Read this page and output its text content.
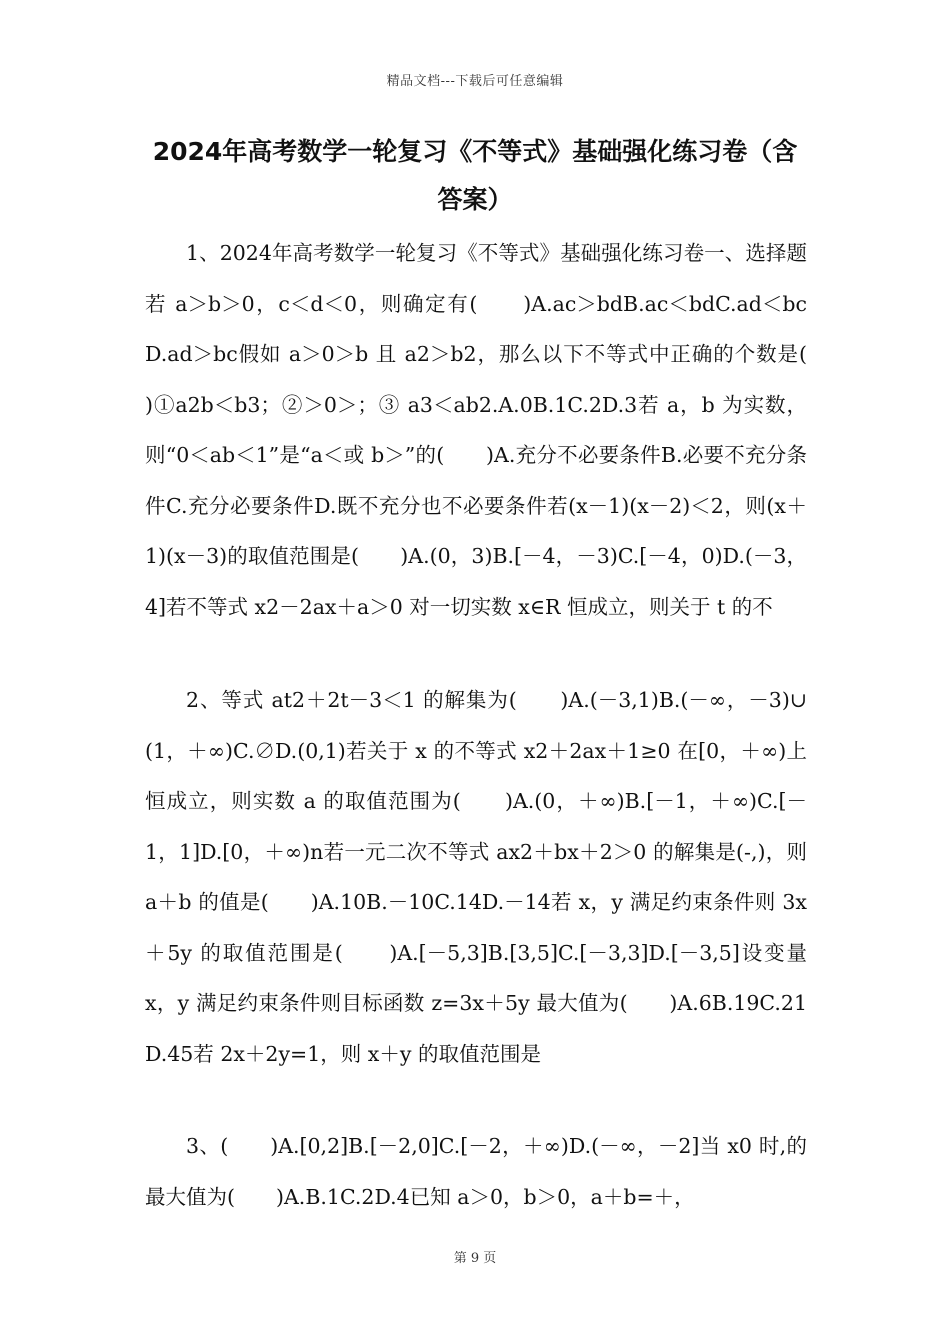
精品文档---下载后可任意编辑
2024年高考数学一轮复习《不等式》基础强化练习卷（含答案）

1、2024年高考数学一轮复习《不等式》基础强化练习卷一、选择题若 a＞b＞0，c＜d＜0，则确定有(　　)A.ac＞bdB.ac＜bdC.ad＜bcD.ad＞bc假如 a＞0＞b 且 a2＞b2，那么以下不等式中正确的个数是(　　)①a2b＜b3；②＞0＞；③ a3＜ab2.A.0B.1C.2D.3若 a，b 为实数，则“0＜ab＜1”是“a＜或 b＞”的(　　)A.充分不必要条件B.必要不充分条件C.充分必要条件D.既不充分也不必要条件若(x－1)(x－2)＜2，则(x＋1)(x－3)的取值范围是(　　)A.(0，3)B.[－4，－3)C.[－4，0)D.(－3，4]若不等式 x2－2ax＋a＞0 对一切实数 x∈R 恒成立，则关于 t 的不

2、等式 at2＋2t－3＜1 的解集为(　　)A.(－3,1)B.(－∞，－3)∪(1，＋∞)C.∅D.(0,1)若关于 x 的不等式 x2＋2ax＋1≥0 在[0，＋∞)上恒成立，则实数 a 的取值范围为(　　)A.(0，＋∞)B.[－1，＋∞)C.[－1，1]D.[0，＋∞)n若一元二次不等式 ax2＋bx＋2＞0 的解集是(-,)，则 a＋b 的值是(　　)A.10B.－10C.14D.－14若 x，y 满足约束条件则 3x＋5y 的取值范围是(　　)A.[－5,3]B.[3,5]C.[－3,3]D.[－3,5]设变量 x，y 满足约束条件则目标函数 z=3x＋5y 最大值为(　　)A.6B.19C.21D.45若 2x＋2y=1，则 x＋y 的取值范围是

3、(　　)A.[0,2]B.[－2,0]C.[－2，＋∞)D.(－∞，－2]当 x0 时,的最大值为(　　)A.B.1C.2D.4已知 a＞0，b＞0，a＋b=＋，

第 9 页
